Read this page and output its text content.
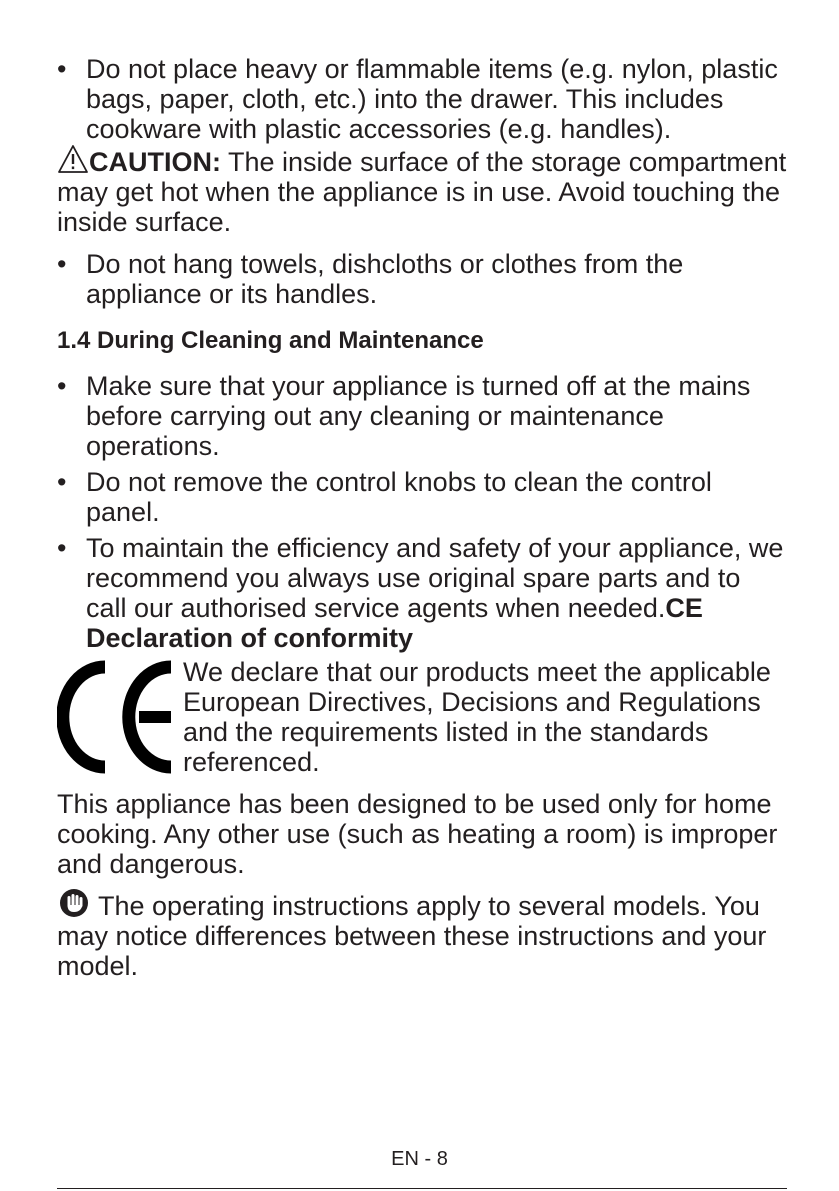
• Do not place heavy or flammable items (e.g. nylon, plastic bags, paper, cloth, etc.) into the drawer. This includes cookware with plastic accessories (e.g. handles).

CAUTION: The inside surface of the storage compartment may get hot when the appliance is in use. Avoid touching the inside surface.

• Do not hang towels, dishcloths or clothes from the appliance or its handles.
1.4 During Cleaning and Maintenance
• Make sure that your appliance is turned off at the mains before carrying out any cleaning or maintenance operations.
• Do not remove the control knobs to clean the control panel.
• To maintain the efficiency and safety of your appliance, we recommend you always use original spare parts and to call our authorised service agents when needed.CE Declaration of conformity
We declare that our products meet the applicable European Directives, Decisions and Regulations and the requirements listed in the standards referenced.

This appliance has been designed to be used only for home cooking. Any other use (such as heating a room) is improper and dangerous.

The operating instructions apply to several models. You may notice differences between these instructions and your model.

EN - 8
